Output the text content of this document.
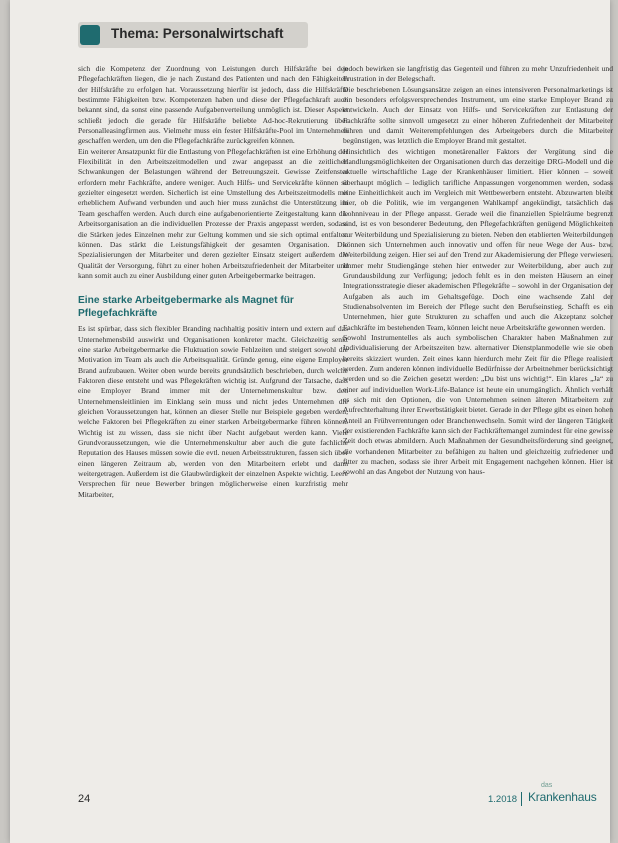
Thema: Personalwirtschaft

sich die Kompetenz der Zuordnung von Leistungen durch Hilfskräfte bei den Pflegefachkräften liegen, die je nach Zustand des Patienten und nach den Fähigkeiten der Hilfskräfte zu erfolgen hat. Voraussetzung hierfür ist jedoch, dass die Hilfskräfte bestimmte Fähigkeiten bzw. Kompetenzen haben und diese der Pflegefachkraft auch bekannt sind, da sonst eine passende Aufgabenverteilung unmöglich ist. Dieser Aspekt schließt jedoch die gerade für Hilfskräfte beliebte Ad-hoc-Rekrutierung über Personalleasingfirmen aus. Vielmehr muss ein fester Hilfskräfte-Pool im Unternehmen geschaffen werden, um den die Pflegefachkräfte zurückgreifen können.

Ein weiterer Ansatzpunkt für die Entlastung von Pflegefachkräften ist eine Erhöhung der Flexibilität in den Arbeitszeitmodellen und zwar angepasst an die zeitlichen Schwankungen der Belastungen während der Betreuungszeit. Gewisse Zeitfenster erfordern mehr Fachkräfte, andere weniger. Auch Hilfs- und Servicekräfte können so gezielter eingesetzt werden. Sicherlich ist eine Umstellung des Arbeitszeitmodells mit erheblichem Aufwand verbunden und auch hier muss zunächst die Unterstützung im Team geschaffen werden. Auch durch eine aufgabenorientierte Zeitgestaltung kann die Arbeitsorganisation an die individuellen Prozesse der Praxis angepasst werden, sodass die Stärken jedes Einzelnen mehr zur Geltung kommen und sie sich optimal entfalten können. Das stärkt die Leistungsfähigkeit der gesamten Organisation. Die Spezialisierungen der Mitarbeiter und deren gezielter Einsatz steigert außerdem die Qualität der Versorgung, führt zu einer hohen Arbeitszufriedenheit der Mitarbeiter und kann somit auch zu einer Ausbildung einer guten Arbeitgebermarke beitragen.

Eine starke Arbeitgebermarke als Magnet für Pflegefachkräfte

Es ist spürbar, dass sich flexibler Branding nachhaltig positiv intern und extern auf das Unternehmensbild auswirkt und Organisationen konkreter macht. Gleichzeitig senkt eine starke Arbeitgebermarke die Fluktuation sowie Fehlzeiten und steigert sowohl die Motivation im Team als auch die Arbeitsqualität. Gründe genug, eine eigene Employer Brand aufzubauen. Weiter oben wurde bereits grundsätzlich beschrieben, durch welche Faktoren diese entsteht und was Pflegekräften wichtig ist. Aufgrund der Tatsache, dass eine Employer Brand immer mit der Unternehmenskultur bzw. den Unternehmensleitlinien im Einklang sein muss und nicht jedes Unternehmen die gleichen Voraussetzungen hat, können an dieser Stelle nur Beispiele gegeben werden, welche Faktoren bei Pflegekräften zu einer starken Arbeitgebermarke führen können. Wichtig ist zu wissen, dass sie nicht über Nacht aufgebaut werden kann. Viele Grundvoraussetzungen, wie die Unternehmenskultur aber auch die gute fachliche Reputation des Hauses müssen sowie die evtl. neuen Arbeitsstrukturen, fassen sich über einen längeren Zeitraum ab, werden von den Mitarbeitern erlebt und dann weitergetragen. Außerdem ist die Glaubwürdigkeit der einzelnen Aspekte wichtig. Leere Versprechen für neue Bewerber bringen möglicherweise einen kurzfristig mehr Mitarbeiter,

jedoch bewirken sie langfristig das Gegenteil und führen zu mehr Unzufriedenheit und Frustration in der Belegschaft.

Die beschriebenen Lösungsansätze zeigen an eines intensiveren Personalmarketings ist ein besonders erfolgsversprechendes Instrument, um eine starke Employer Brand zu entwickeln. Auch der Einsatz von Hilfs- und Servicekräften zur Entlastung der Fachkräfte sollte sinnvoll umgesetzt zu einer höheren Zufriedenheit der Mitarbeiter führen und damit Weiterempfehlungen des Arbeitgebers durch die Mitarbeiter begünstigen, was letztlich die Employer Brand mit gestaltet.

Hinsichtlich des wichtigen monetärenaller Faktors der Vergütung sind die Handlungsmöglichkeiten der Organisationen durch das derzeitige DRG-Modell und die aktuelle wirtschaftliche Lage der Krankenhäuser limitiert. Hier können – soweit überhaupt möglich – lediglich tarifliche Anpassungen vorgenommen werden, sodass eine Einheitlichkeit auch im Vergleich mit Wettbewerbern entsteht. Abzuwarten bleibt hier, ob die Politik, wie im vergangenen Wahlkampf angekündigt, tatsächlich das Lohnniveau in der Pflege anpasst. Gerade weil die finanziellen Spielräume begrenzt sind, ist es von besonderer Bedeutung, den Pflegefachkräften genügend Möglichkeiten zur Weiterbildung und Spezialisierung zu bieten. Neben den etablierten Weiterbildungen können sich Unternehmen auch innovativ und offen für neue Wege der Aus- bzw. Weiterbildung zeigen. Hier sei auf den Trend zur Akademisierung der Pflege verwiesen. Immer mehr Studiengänge stehen hier entweder zur Weiterbildung, aber auch zur Grundausbildung zur Verfügung; jedoch fehlt es in den meisten Häusern an einer Integrationsstrategie dieser akademischen Pflegekräfte – sowohl in der Organisation der Aufgaben als auch im Gehaltsgefüge. Doch eine wachsende Zahl der Studienabsolventen im Bereich der Pflege sucht den Berufseinstieg. Schafft es ein Unternehmen, hier gute Strukturen zu schaffen und auch die Akzeptanz solcher Fachkräfte im bestehenden Team, können leicht neue Arbeitskräfte gewonnen werden.

Sowohl Instrumentelles als auch symbolischen Charakter haben Maßnahmen zur Individualisierung der Arbeitszeiten bzw. alternativer Dienstplanmodelle wie sie oben bereits skizziert wurden. Zeit eines kann hierdurch mehr Zeit für die Pflege realisiert werden. Zum anderen können individuelle Bedürfnisse der Arbeitnehmer berücksichtigt werden und so die Zeichen gesetzt werden: „Du bist uns wichtig!“. Ein klares „Ja“ zu einer auf individuellen Work-Life-Balance ist heute ein unumgänglich. Ähnlich verhält es sich mit den Optionen, die von Unternehmen seinen älteren Mitarbeitern zur Aufrechterhaltung ihrer Erwerbstätigkeit bietet. Gerade in der Pflege gibt es einen hohen Anteil an Frühverrentungen oder Branchenwechseln. Somit wird der längeren Tätigkeit der existierenden Fachkräfte kann sich der Fachkräftemangel zumindest für eine gewisse Zeit doch etwas abmildern. Auch Maßnahmen der Gesundheitsförderung sind geeignet, die vorhandenen Mitarbeiter zu befähigen zu halten und gleichzeitig zufriedener und fitter zu machen, sodass sie ihrer Arbeit mit Engagement nachgehen können. Hier ist sowohl an das Angebot der Nutzung von haus-

24	1.2018
das
Krankenhaus
